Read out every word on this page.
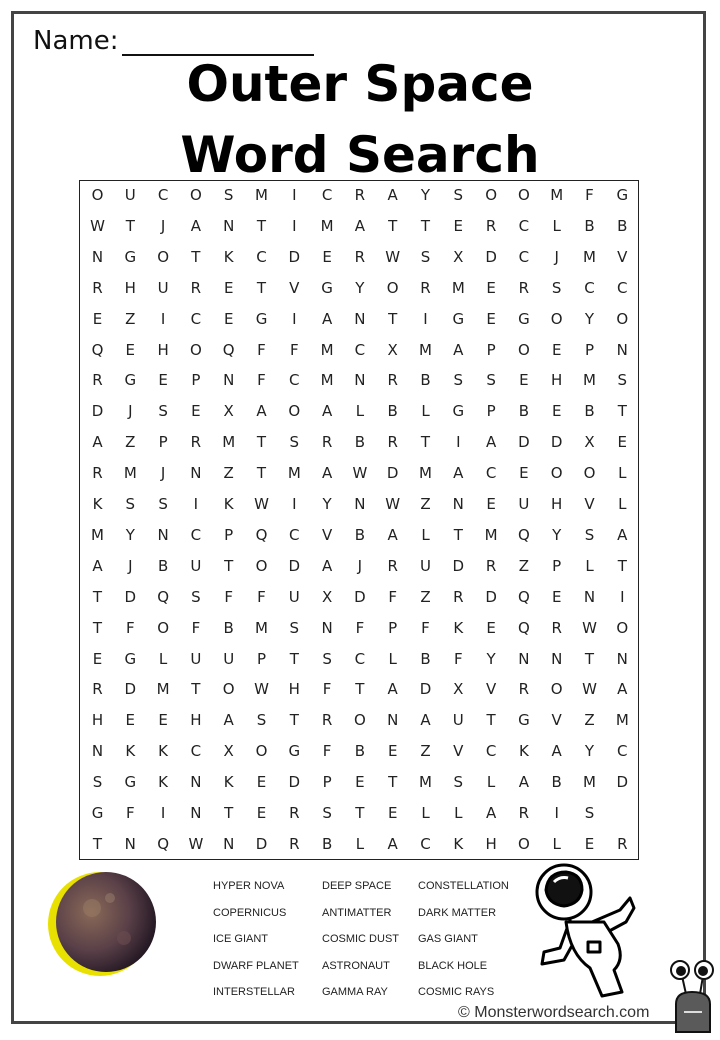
Name:
Outer Space
Word Search
O	U	C	O	S	M	I	C	R	A	Y	S	O	O	M	F	G
W	T	J	A	N	T	I	M	A	T	T	E	R	C	L	B	B
N	G	O	T	K	C	D	E	R	W	S	X	D	C	J	M	V
R	H	U	R	E	T	V	G	Y	O	R	M	E	R	S	C	C
E	Z	I	C	E	G	I	A	N	T	I	G	E	G	O	Y	O
Q	E	H	O	Q	F	F	M	C	X	M	A	P	O	E	P	N
R	G	E	P	N	F	C	M	N	R	B	S	S	E	H	M	S
D	J	S	E	X	A	O	A	L	B	L	G	P	B	E	B	T
A	Z	P	R	M	T	S	R	B	R	T	I	A	D	D	X	E
R	M	J	N	Z	T	M	A	W	D	M	A	C	E	O	O	L
K	S	S	I	K	W	I	Y	N	W	Z	N	E	U	H	V	L
M	Y	N	C	P	Q	C	V	B	A	L	T	M	Q	Y	S	A
A	J	B	U	T	O	D	A	J	R	U	D	R	Z	P	L	T
T	D	Q	S	F	F	U	X	D	F	Z	R	D	Q	E	N	I
T	F	O	F	B	M	S	N	F	P	F	K	E	Q	R	W	O
E	G	L	U	U	P	T	S	C	L	B	F	Y	N	N	T	N
R	D	M	T	O	W	H	F	T	A	D	X	V	R	O	W	A
H	E	E	H	A	S	T	R	O	N	A	U	T	G	V	Z	M
N	K	K	C	X	O	G	F	B	E	Z	V	C	K	A	Y	C
S	G	K	N	K	E	D	P	E	T	M	S	L	A	B	M	D
G	F	I	N	T	E	R	S	T	E	L	L	A	R	I	S
T	N	Q	W	N	D	R	B	L	A	C	K	H	O	L	E	R
HYPER NOVA
COPERNICUS
ICE GIANT
DWARF PLANET
INTERSTELLAR
DEEP SPACE
ANTIMATTER
COSMIC DUST
ASTRONAUT
GAMMA RAY
CONSTELLATION
DARK MATTER
GAS GIANT
BLACK HOLE
COSMIC RAYS
© Monsterwordsearch.com
